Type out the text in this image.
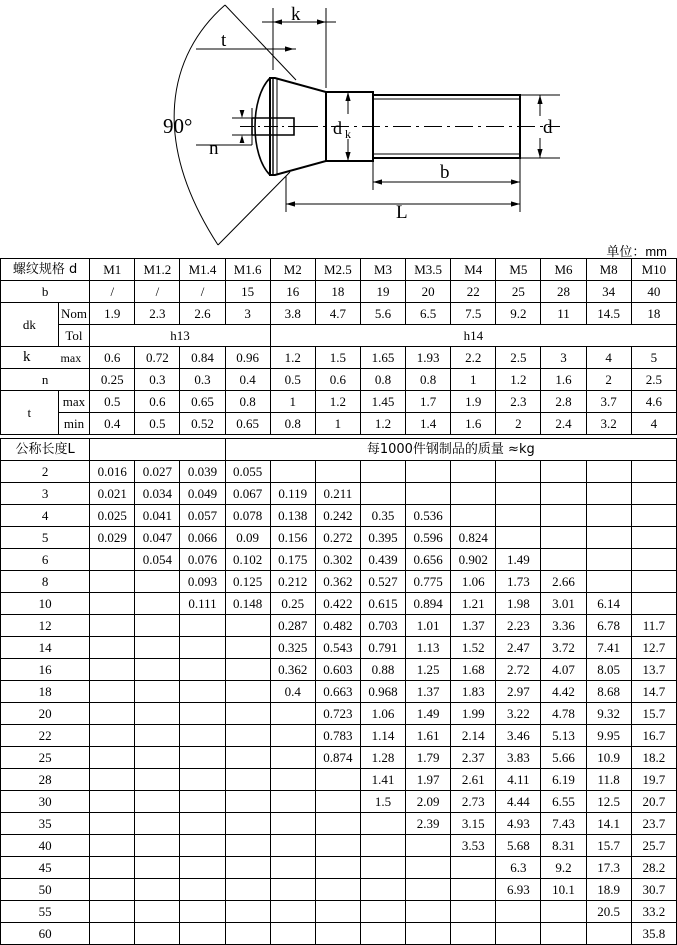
90°
k
t
n
d k	d
b
L
单位：mm
螺纹规格 d		M1	M1.2	M1.4	M1.6	M2	M2.5	M3	M3.5	M4	M5	M6	M8	M10
b		/	/	/	15	16	18	19	20	22	25	28	34	40
dk	Nom	1.9	2.3	2.6	3	3.8	4.7	5.6	6.5	7.5	9.2	11	14.5	18
	Tol	h13				h14								

k max		0.6	0.72	0.84	0.96	1.2	1.5	1.65	1.93	2.2	2.5	3	4	5
n		0.25	0.3	0.3	0.4	0.5	0.6	0.8	0.8	1	1.2	1.6	2	2.5
t	max	0.5	0.6	0.65	0.8	1	1.2	1.45	1.7	1.9	2.3	2.8	3.7	4.6
	min	0.4	0.5	0.52	0.65	0.8	1	1.2	1.4	1.6	2	2.4	3.2	4
公称长度L				每1000件钢制品的质量 ≈kg									
2	0.016	0.027	0.039	0.055									
3	0.021	0.034	0.049	0.067	0.119	0.211							
4	0.025	0.041	0.057	0.078	0.138	0.242	0.35	0.536					
5	0.029	0.047	0.066	0.09	0.156	0.272	0.395	0.596	0.824				
6		0.054	0.076	0.102	0.175	0.302	0.439	0.656	0.902	1.49			
8			0.093	0.125	0.212	0.362	0.527	0.775	1.06	1.73	2.66		
10			0.111	0.148	0.25	0.422	0.615	0.894	1.21	1.98	3.01	6.14	
12					0.287	0.482	0.703	1.01	1.37	2.23	3.36	6.78	11.7
14					0.325	0.543	0.791	1.13	1.52	2.47	3.72	7.41	12.7
16					0.362	0.603	0.88	1.25	1.68	2.72	4.07	8.05	13.7
18					0.4	0.663	0.968	1.37	1.83	2.97	4.42	8.68	14.7
20						0.723	1.06	1.49	1.99	3.22	4.78	9.32	15.7
22						0.783	1.14	1.61	2.14	3.46	5.13	9.95	16.7
25						0.874	1.28	1.79	2.37	3.83	5.66	10.9	18.2
28							1.41	1.97	2.61	4.11	6.19	11.8	19.7
30							1.5	2.09	2.73	4.44	6.55	12.5	20.7
35								2.39	3.15	4.93	7.43	14.1	23.7
40									3.53	5.68	8.31	15.7	25.7
45										6.3	9.2	17.3	28.2
50										6.93	10.1	18.9	30.7
55												20.5	33.2
60													35.8
